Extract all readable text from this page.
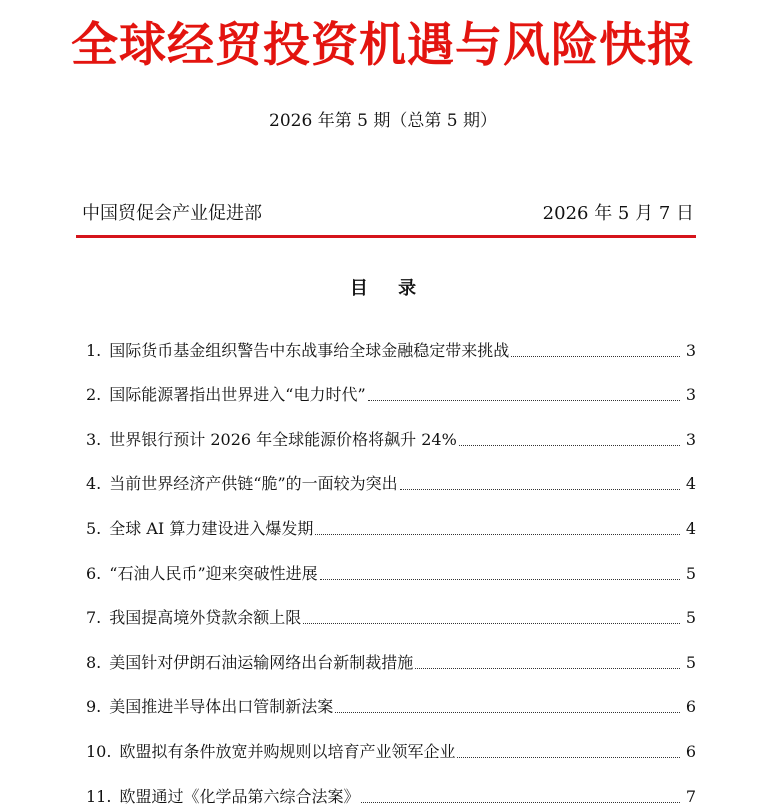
全球经贸投资机遇与风险快报
2026 年第 5 期（总第 5 期）
中国贸促会产业促进部	2026 年 5 月 7 日
目 录
1. 国际货币基金组织警告中东战事给全球金融稳定带来挑战	3
2. 国际能源署指出世界进入“电力时代”	3
3. 世界银行预计 2026 年全球能源价格将飙升 24%	3
4. 当前世界经济产供链“脆”的一面较为突出	4
5. 全球 AI 算力建设进入爆发期	4
6. “石油人民币”迎来突破性进展	5
7. 我国提高境外贷款余额上限	5
8. 美国针对伊朗石油运输网络出台新制裁措施	5
9. 美国推进半导体出口管制新法案	6
10. 欧盟拟有条件放宽并购规则以培育产业领军企业	6
11. 欧盟通过《化学品第六综合法案》	7
